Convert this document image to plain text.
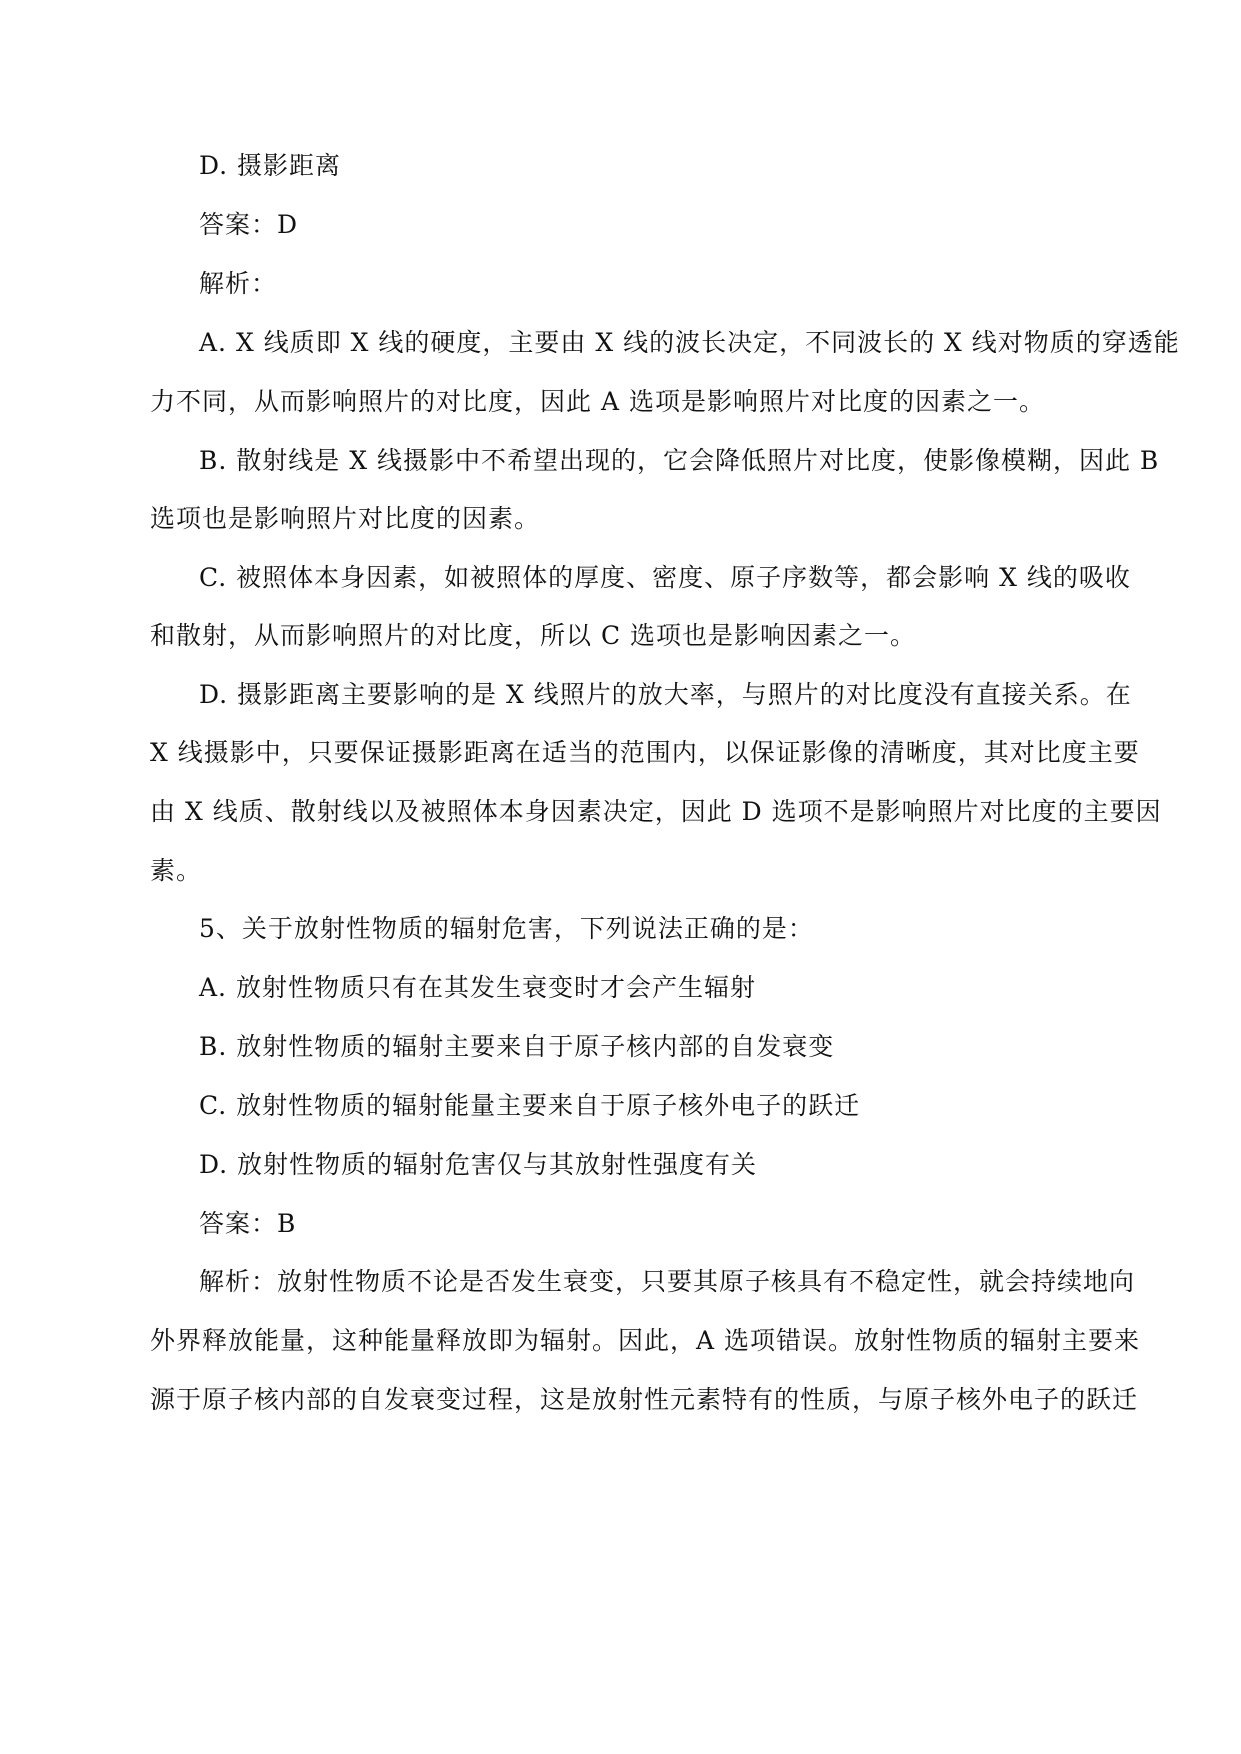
D. 摄影距离
答案：D
解析：
A. X 线质即 X 线的硬度，主要由 X 线的波长决定，不同波长的 X 线对物质的穿透能
力不同，从而影响照片的对比度，因此 A 选项是影响照片对比度的因素之一。
B. 散射线是 X 线摄影中不希望出现的，它会降低照片对比度，使影像模糊，因此 B
选项也是影响照片对比度的因素。
C. 被照体本身因素，如被照体的厚度、密度、原子序数等，都会影响 X 线的吸收
和散射，从而影响照片的对比度，所以 C 选项也是影响因素之一。
D. 摄影距离主要影响的是 X 线照片的放大率，与照片的对比度没有直接关系。在
X 线摄影中，只要保证摄影距离在适当的范围内，以保证影像的清晰度，其对比度主要
由 X 线质、散射线以及被照体本身因素决定，因此 D 选项不是影响照片对比度的主要因
素。
5、关于放射性物质的辐射危害，下列说法正确的是：
A. 放射性物质只有在其发生衰变时才会产生辐射
B. 放射性物质的辐射主要来自于原子核内部的自发衰变
C. 放射性物质的辐射能量主要来自于原子核外电子的跃迁
D. 放射性物质的辐射危害仅与其放射性强度有关
答案：B
解析：放射性物质不论是否发生衰变，只要其原子核具有不稳定性，就会持续地向
外界释放能量，这种能量释放即为辐射。因此，A 选项错误。放射性物质的辐射主要来
源于原子核内部的自发衰变过程，这是放射性元素特有的性质，与原子核外电子的跃迁
